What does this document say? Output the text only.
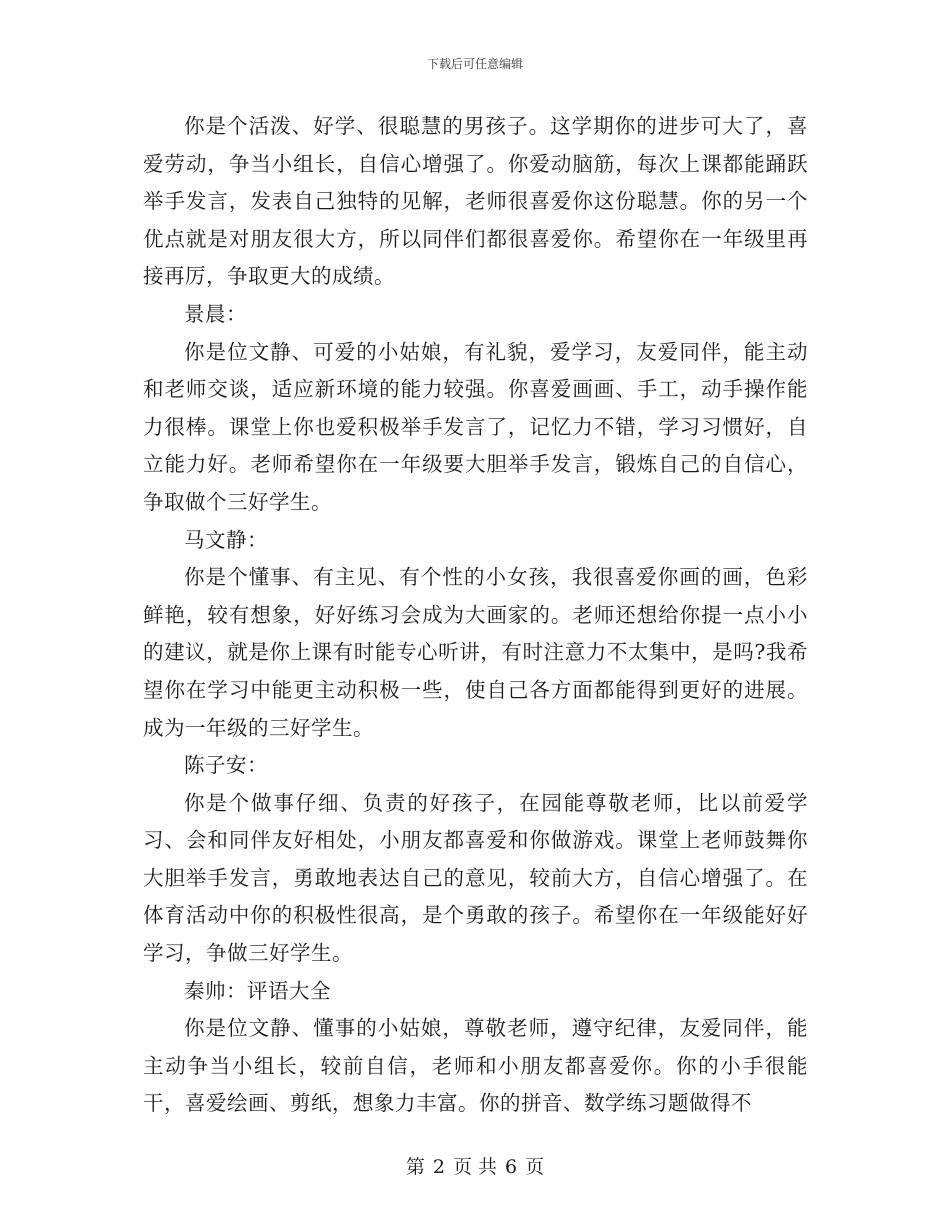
下载后可任意编辑

你是个活泼、好学、很聪慧的男孩子。这学期你的进步可大了，喜爱劳动，争当小组长，自信心增强了。你爱动脑筋，每次上课都能踊跃举手发言，发表自己独特的见解，老师很喜爱你这份聪慧。你的另一个优点就是对朋友很大方，所以同伴们都很喜爱你。希望你在一年级里再接再厉，争取更大的成绩。

景晨：

你是位文静、可爱的小姑娘，有礼貌，爱学习，友爱同伴，能主动和老师交谈，适应新环境的能力较强。你喜爱画画、手工，动手操作能力很棒。课堂上你也爱积极举手发言了，记忆力不错，学习习惯好，自立能力好。老师希望你在一年级要大胆举手发言，锻炼自己的自信心，争取做个三好学生。

马文静：

你是个懂事、有主见、有个性的小女孩，我很喜爱你画的画，色彩鲜艳，较有想象，好好练习会成为大画家的。老师还想给你提一点小小的建议，就是你上课有时能专心听讲，有时注意力不太集中，是吗?我希望你在学习中能更主动积极一些，使自己各方面都能得到更好的进展。成为一年级的三好学生。

陈子安：

你是个做事仔细、负责的好孩子，在园能尊敬老师，比以前爱学习、会和同伴友好相处，小朋友都喜爱和你做游戏。课堂上老师鼓舞你大胆举手发言，勇敢地表达自己的意见，较前大方，自信心增强了。在体育活动中你的积极性很高，是个勇敢的孩子。希望你在一年级能好好学习，争做三好学生。

秦帅：评语大全

你是位文静、懂事的小姑娘，尊敬老师，遵守纪律，友爱同伴，能主动争当小组长，较前自信，老师和小朋友都喜爱你。你的小手很能干，喜爱绘画、剪纸，想象力丰富。你的拼音、数学练习题做得不

第 2 页 共 6 页
